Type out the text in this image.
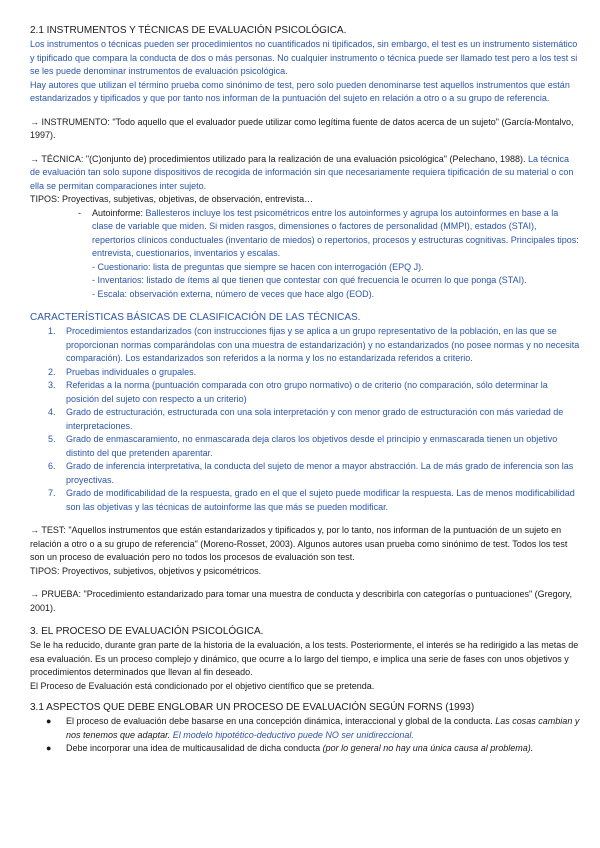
2.1 INSTRUMENTOS Y TÉCNICAS DE EVALUACIÓN PSICOLÓGICA.

Los instrumentos o técnicas pueden ser procedimientos no cuantificados ni tipificados, sin embargo, el test es un instrumento sistemático y tipificado que compara la conducta de dos o más personas. No cualquier instrumento o técnica puede ser llamado test pero a los test si se les puede denominar instrumentos de evaluación psicológica.

Hay autores que utilizan el término prueba como sinónimo de test, pero solo pueden denominarse test aquellos instrumentos que están estandarizados y tipificados y que por tanto nos informan de la puntuación del sujeto en relación a otro o a su grupo de referencia.

→ INSTRUMENTO: "Todo aquello que el evaluador puede utilizar como legítima fuente de datos acerca de un sujeto" (García-Montalvo, 1997).

→ TÉCNICA: "(C)onjunto de) procedimientos utilizado para la realización de una evaluación psicológica" (Pelechano, 1988). La técnica de evaluación tan solo supone dispositivos de recogida de información sin que necesariamente requiera tipificación de su material o con ella se permitan comparaciones inter sujeto.

TIPOS: Proyectivas, subjetivas, objetivas, de observación, entrevista…

- Autoinforme: Ballesteros incluye los test psicométricos entre los autoinformes y agrupa los autoinformes en base a la clase de variable que miden. Si miden rasgos, dimensiones o factores de personalidad (MMPI), estados (STAI), repertorios clínicos conductuales (inventario de miedos) o repertorios, procesos y estructuras cognitivas. Principales tipos: entrevista, cuestionarios, inventarios y escalas.

- Cuestionario: lista de preguntas que siempre se hacen con interrogación (EPQ J).

- Inventarios: listado de ítems al que tienen que contestar con qué frecuencia le ocurren lo que ponga (STAI).

- Escala: observación externa, número de veces que hace algo (EOD).

CARACTERÍSTICAS BÁSICAS DE CLASIFICACIÓN DE LAS TÉCNICAS.

1. Procedimientos estandarizados (con instrucciones fijas y se aplica a un grupo representativo de la población, en las que se proporcionan normas comparándolas con una muestra de estandarización) y no estandarizados (no posee normas y no necesita comparación). Los estandarizados son referidos a la norma y los no estandarizada referidos a criterio.
2. Pruebas individuales o grupales.
3. Referidas a la norma (puntuación comparada con otro grupo normativo) o de criterio (no comparación, sólo determinar la posición del sujeto con respecto a un criterio)
4. Grado de estructuración, estructurada con una sola interpretación y con menor grado de estructuración con más variedad de interpretaciones.
5. Grado de enmascaramiento, no enmascarada deja claros los objetivos desde el principio y enmascarada tienen un objetivo distinto del que pretenden aparentar.
6. Grado de inferencia interpretativa, la conducta del sujeto de menor a mayor abstracción. La de más grado de inferencia son las proyectivas.
7. Grado de modificabilidad de la respuesta, grado en el que el sujeto puede modificar la respuesta. Las de menos modificabilidad son las objetivas y las técnicas de autoinforme las que más se pueden modificar.

→ TEST: "Aquellos instrumentos que están estandarizados y tipificados y, por lo tanto, nos informan de la puntuación de un sujeto en relación a otro o a su grupo de referencia" (Moreno-Rosset, 2003). Algunos autores usan prueba como sinónimo de test. Todos los test son un proceso de evaluación pero no todos los procesos de evaluación son test.

TIPOS: Proyectivos, subjetivos, objetivos y psicométricos.

→ PRUEBA: "Procedimiento estandarizado para tomar una muestra de conducta y describirla con categorías o puntuaciones" (Gregory, 2001).

3. EL PROCESO DE EVALUACIÓN PSICOLÓGICA.

Se le ha reducido, durante gran parte de la historia de la evaluación, a los tests. Posteriormente, el interés se ha redirigido a las metas de esa evaluación. Es un proceso complejo y dinámico, que ocurre a lo largo del tiempo, e implica una serie de fases con unos objetivos y procedimientos determinados que llevan al fin deseado.

El Proceso de Evaluación está condicionado por el objetivo científico que se pretenda.

3.1 ASPECTOS QUE DEBE ENGLOBAR UN PROCESO DE EVALUACIÓN SEGÚN FORNS (1993)

● El proceso de evaluación debe basarse en una concepción dinámica, interaccional y global de la conducta. Las cosas cambian y nos tenemos que adaptar. El modelo hipotético-deductivo puede NO ser unidireccional.
● Debe incorporar una idea de multicausalidad de dicha conducta (por lo general no hay una única causa al problema).
